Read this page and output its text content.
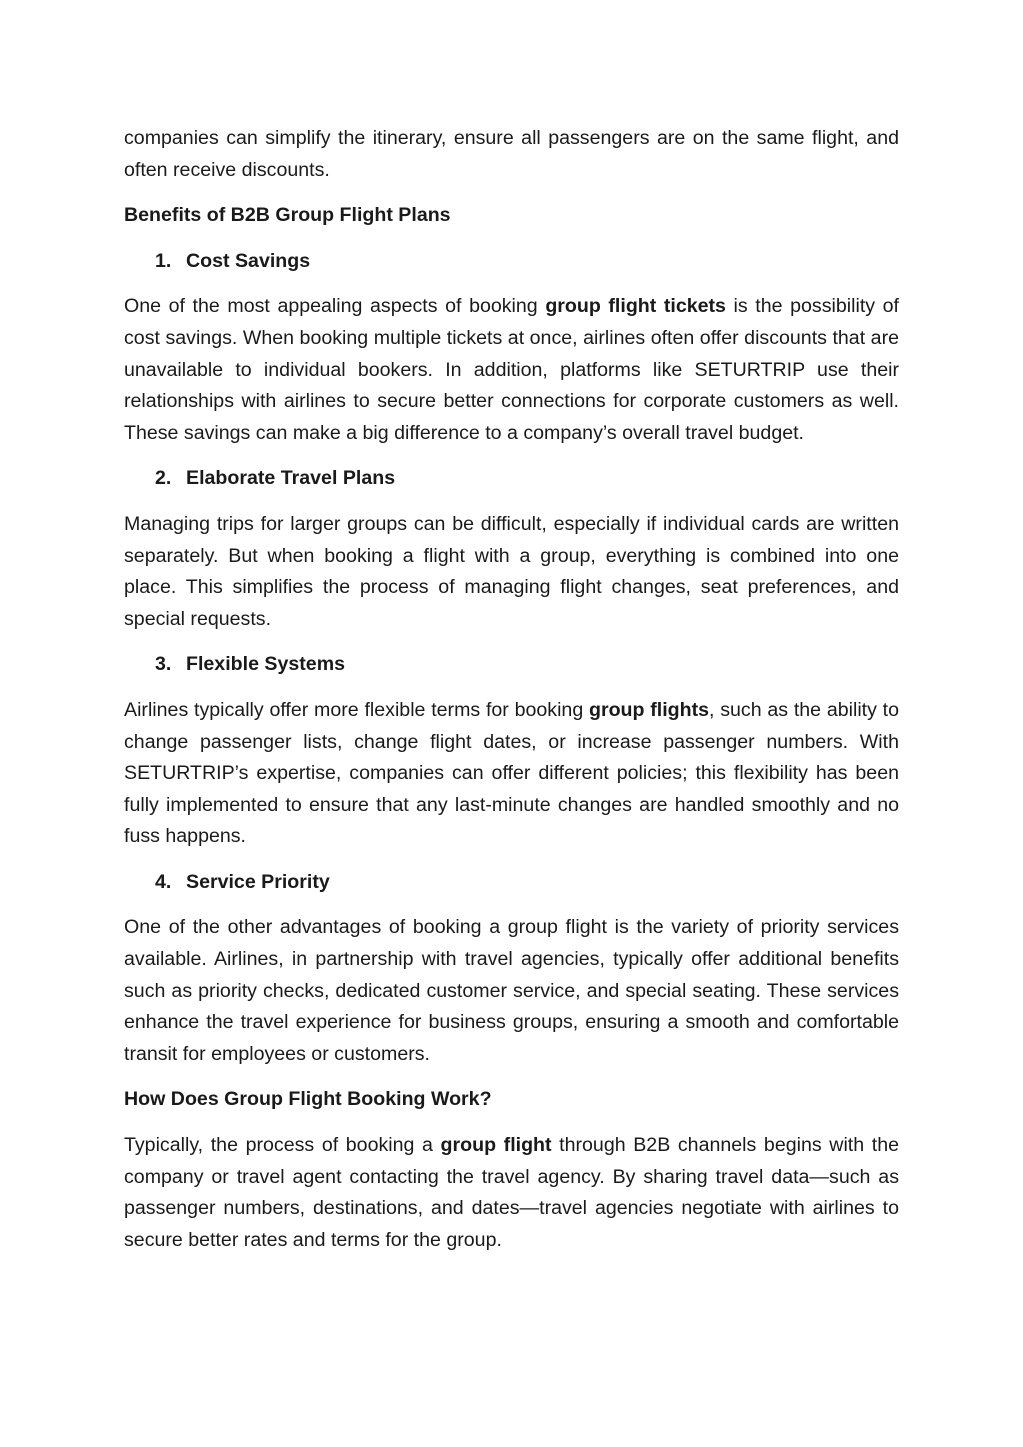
companies can simplify the itinerary, ensure all passengers are on the same flight, and often receive discounts.

Benefits of B2B Group Flight Plans
1. Cost Savings

One of the most appealing aspects of booking group flight tickets is the possibility of cost savings. When booking multiple tickets at once, airlines often offer discounts that are unavailable to individual bookers. In addition, platforms like SETURTRIP use their relationships with airlines to secure better connections for corporate customers as well. These savings can make a big difference to a company’s overall travel budget.

2. Elaborate Travel Plans

Managing trips for larger groups can be difficult, especially if individual cards are written separately. But when booking a flight with a group, everything is combined into one place. This simplifies the process of managing flight changes, seat preferences, and special requests.

3. Flexible Systems

Airlines typically offer more flexible terms for booking group flights, such as the ability to change passenger lists, change flight dates, or increase passenger numbers. With SETURTRIP’s expertise, companies can offer different policies; this flexibility has been fully implemented to ensure that any last-minute changes are handled smoothly and no fuss happens.

4. Service Priority

One of the other advantages of booking a group flight is the variety of priority services available. Airlines, in partnership with travel agencies, typically offer additional benefits such as priority checks, dedicated customer service, and special seating. These services enhance the travel experience for business groups, ensuring a smooth and comfortable transit for employees or customers.

How Does Group Flight Booking Work?

Typically, the process of booking a group flight through B2B channels begins with the company or travel agent contacting the travel agency. By sharing travel data—such as passenger numbers, destinations, and dates—travel agencies negotiate with airlines to secure better rates and terms for the group.
